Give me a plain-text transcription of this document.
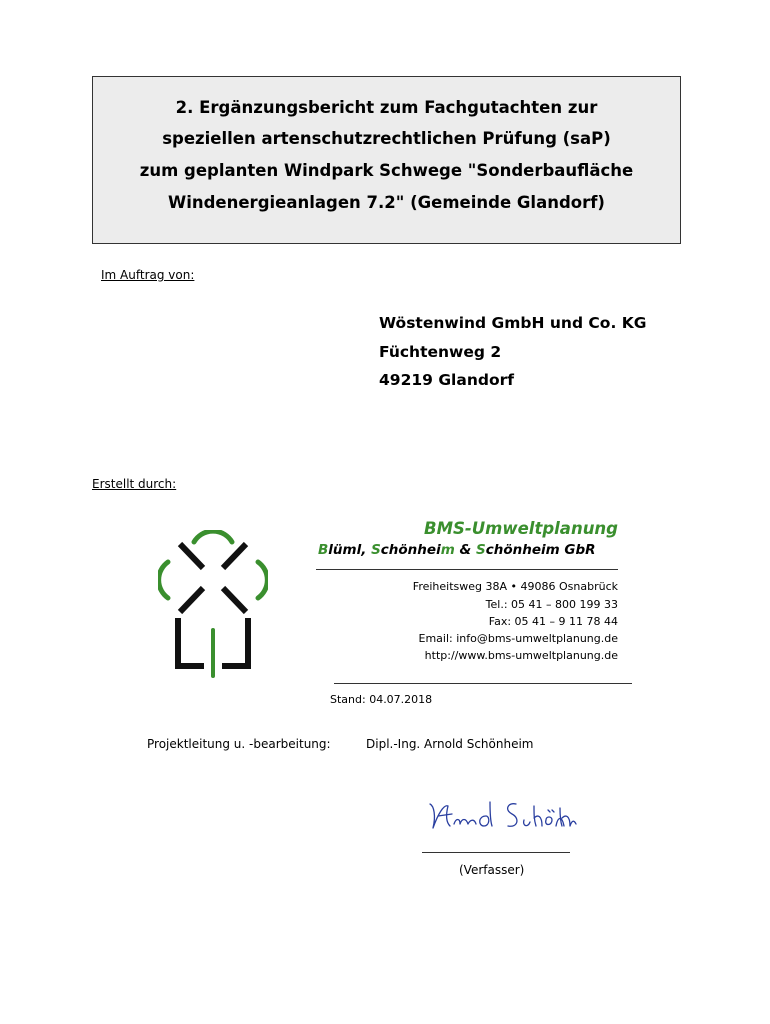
2. Ergänzungsbericht zum Fachgutachten zur
speziellen artenschutzrechtlichen Prüfung (saP)
zum geplanten Windpark Schwege "Sonderbaufläche
Windenergieanlagen 7.2" (Gemeinde Glandorf)
Im Auftrag von:
Wöstenwind GmbH und Co. KG
Füchtenweg 2
49219 Glandorf
Erstellt durch:
BMS-Umweltplanung
Blüml, Schönheim & Schönheim GbR
Freiheitsweg 38A • 49086 Osnabrück
Tel.: 05 41 – 800 199 33
Fax: 05 41 – 9 11 78 44
Email: info@bms-umweltplanung.de
http://www.bms-umweltplanung.de
Stand: 04.07.2018
Projektleitung u. -bearbeitung:	Dipl.-Ing. Arnold Schönheim
(Verfasser)
